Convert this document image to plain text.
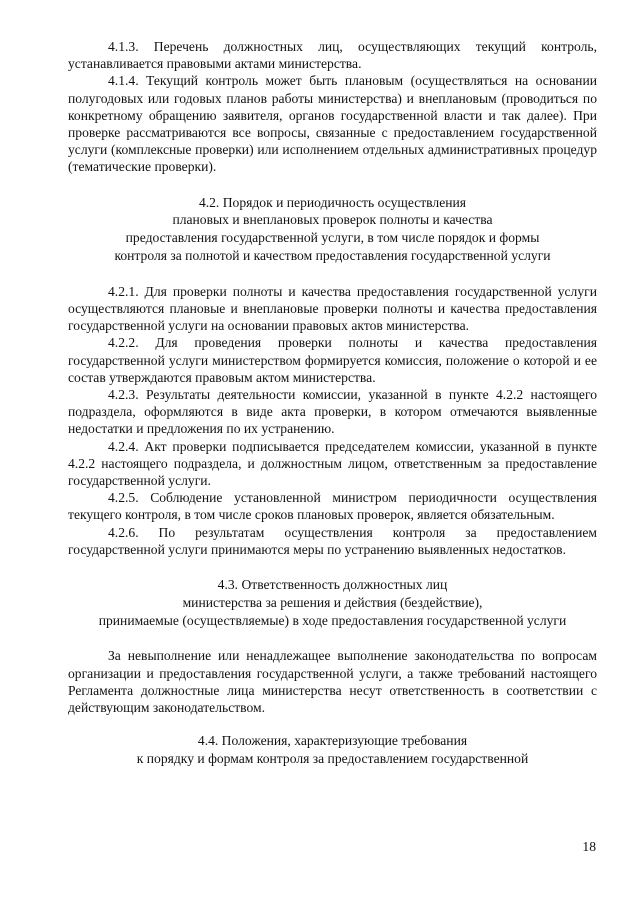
4.1.3. Перечень должностных лиц, осуществляющих текущий контроль, устанавливается правовыми актами министерства.

4.1.4. Текущий контроль может быть плановым (осуществляться на основании полугодовых или годовых планов работы министерства) и внеплановым (проводиться по конкретному обращению заявителя, органов государственной власти и так далее). При проверке рассматриваются все вопросы, связанные с предоставлением государственной услуги (комплексные проверки) или исполнением отдельных административных процедур (тематические проверки).

4.2. Порядок и периодичность осуществления
плановых и внеплановых проверок полноты и качества
предоставления государственной услуги, в том числе порядок и формы
контроля за полнотой и качеством предоставления государственной услуги

4.2.1. Для проверки полноты и качества предоставления государственной услуги осуществляются плановые и внеплановые проверки полноты и качества предоставления государственной услуги на основании правовых актов министерства.

4.2.2. Для проведения проверки полноты и качества предоставления государственной услуги министерством формируется комиссия, положение о которой и ее состав утверждаются правовым актом министерства.

4.2.3. Результаты деятельности комиссии, указанной в пункте 4.2.2 настоящего подраздела, оформляются в виде акта проверки, в котором отмечаются выявленные недостатки и предложения по их устранению.

4.2.4. Акт проверки подписывается председателем комиссии, указанной в пункте 4.2.2 настоящего подраздела, и должностным лицом, ответственным за предоставление государственной услуги.

4.2.5. Соблюдение установленной министром периодичности осуществления текущего контроля, в том числе сроков плановых проверок, является обязательным.

4.2.6. По результатам осуществления контроля за предоставлением государственной услуги принимаются меры по устранению выявленных недостатков.

4.3. Ответственность должностных лиц
министерства за решения и действия (бездействие),
принимаемые (осуществляемые) в ходе предоставления государственной услуги

За невыполнение или ненадлежащее выполнение законодательства по вопросам организации и предоставления государственной услуги, а также требований настоящего Регламента должностные лица министерства несут ответственность в соответствии с действующим законодательством.

4.4. Положения, характеризующие требования
к порядку и формам контроля за предоставлением государственной
18
